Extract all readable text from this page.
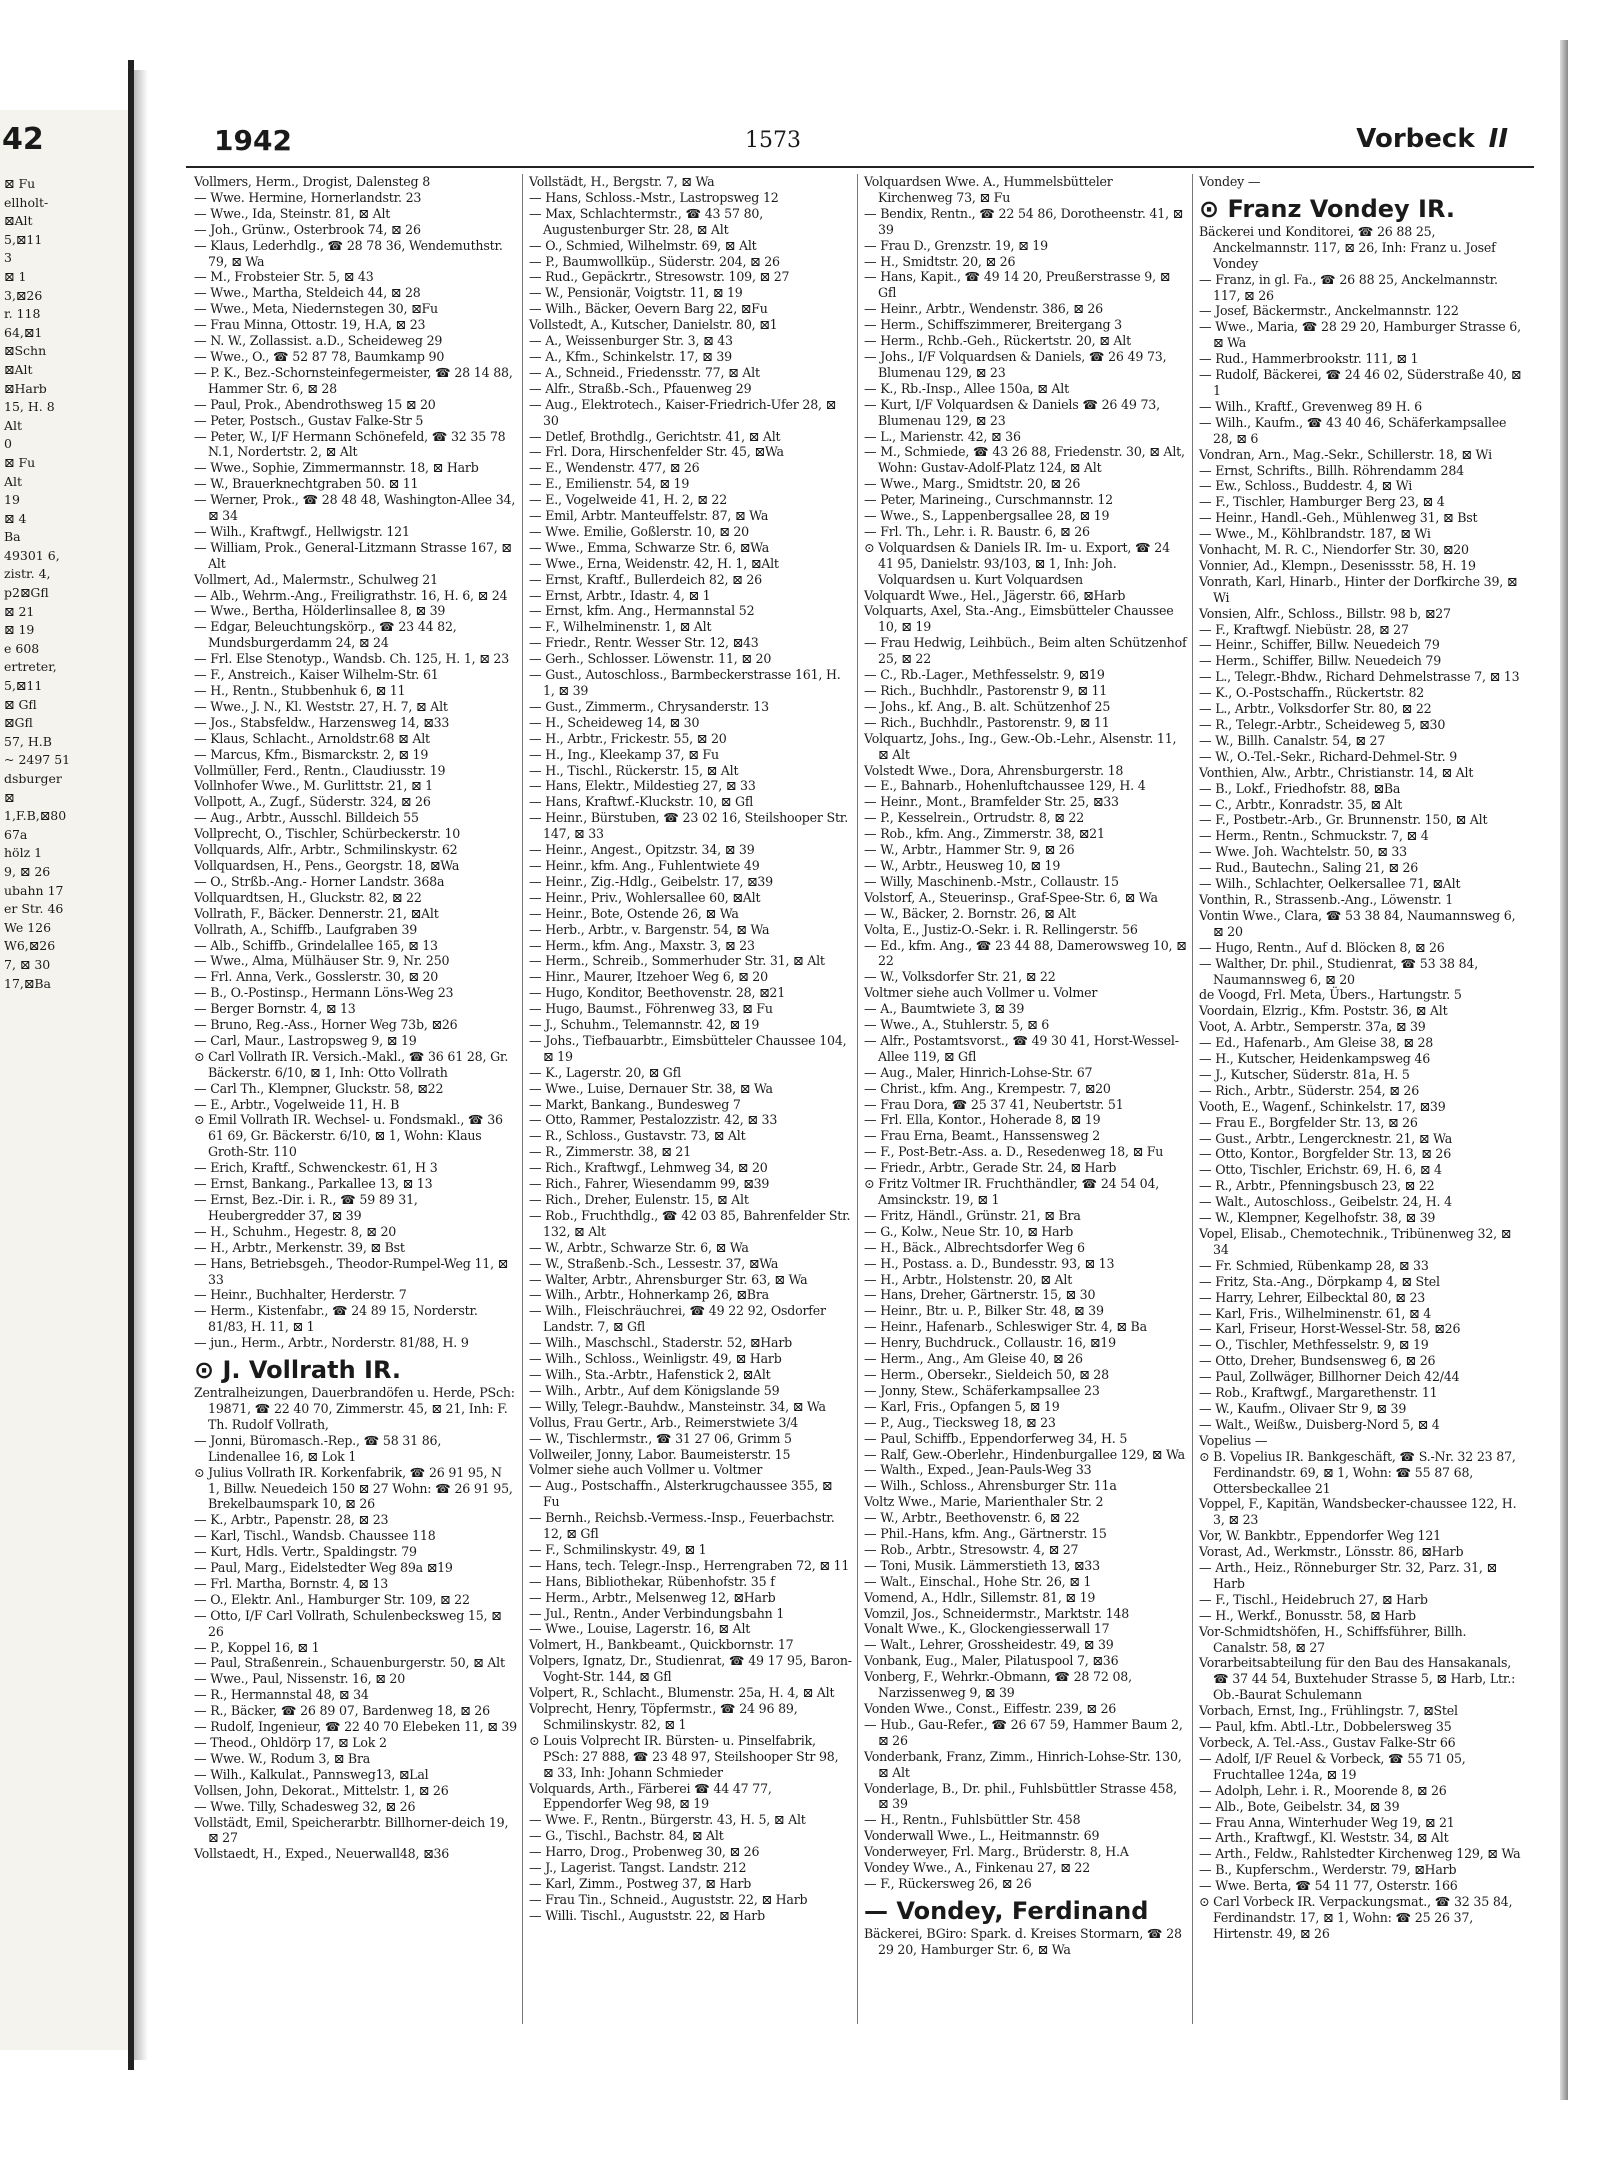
42
⊠ Fu
ellholt-
⊠Alt
5,⊠11
3
⊠ 1
3,⊠26
r. 118
64,⊠1
⊠Schn
⊠Alt
⊠Harb
15, H. 8
Alt
0
⊠ Fu
Alt
19
⊠ 4
Ba
49301 6,
zistr. 4,
p2⊠Gfl
⊠ 21
⊠ 19
e 608
ertreter,
5,⊠11
⊠ Gfl
⊠Gfl
57, H.B
~ 2497 51
dsburger
⊠
1,F.B,⊠80
67a
hölz 1
9, ⊠ 26
ubahn 17
er Str. 46
We 126
W6,⊠26
7, ⊠ 30
17,⊠Ba
1942	1573	Vorbeck II
Vollmers, Herm., Drogist, Dalensteg 8
— Wwe. Hermine, Hornerlandstr. 23
— Wwe., Ida, Steinstr. 81, ⊠ Alt
— Joh., Grünw., Osterbrook 74, ⊠ 26
— Klaus, Lederhdlg., ☎ 28 78 36, Wendemuthstr. 79, ⊠ Wa
— M., Frobsteier Str. 5, ⊠ 43
— Wwe., Martha, Steldeich 44, ⊠ 28
— Wwe., Meta, Niedernstegen 30, ⊠Fu
— Frau Minna, Ottostr. 19, H.A, ⊠ 23
— N. W., Zollassist. a.D., Scheideweg 29
— Wwe., O., ☎ 52 87 78, Baumkamp 90
— P. K., Bez.-Schornsteinfegermeister, ☎ 28 14 88, Hammer Str. 6, ⊠ 28
— Paul, Prok., Abendrothsweg 15 ⊠ 20
— Peter, Postsch., Gustav Falke-Str 5
— Peter, W., I/F Hermann Schönefeld, ☎ 32 35 78 N.1, Nordertstr. 2, ⊠ Alt
— Wwe., Sophie, Zimmermannstr. 18, ⊠ Harb
— W., Brauerknechtgraben 50. ⊠ 11
— Werner, Prok., ☎ 28 48 48, Washington-Allee 34, ⊠ 34
— Wilh., Kraftwgf., Hellwigstr. 121
— William, Prok., General-Litzmann Strasse 167, ⊠ Alt
Vollmert, Ad., Malermstr., Schulweg 21
— Alb., Wehrm.-Ang., Freiligrathstr. 16, H. 6, ⊠ 24
— Wwe., Bertha, Hölderlinsallee 8, ⊠ 39
— Edgar, Beleuchtungskörp., ☎ 23 44 82, Mundsburgerdamm 24, ⊠ 24
— Frl. Else Stenotyp., Wandsb. Ch. 125, H. 1, ⊠ 23
— F., Anstreich., Kaiser Wilhelm-Str. 61
— H., Rentn., Stubbenhuk 6, ⊠ 11
— Wwe., J. N., Kl. Weststr. 27, H. 7, ⊠ Alt
— Jos., Stabsfeldw., Harzensweg 14, ⊠33
— Klaus, Schlacht., Arnoldstr.68 ⊠ Alt
— Marcus, Kfm., Bismarckstr. 2, ⊠ 19
Vollmüller, Ferd., Rentn., Claudiusstr. 19
Vollnhofer Wwe., M. Gurlittstr. 21, ⊠ 1
Vollpott, A., Zugf., Süderstr. 324, ⊠ 26
— Aug., Arbtr., Ausschl. Billdeich 55
Vollprecht, O., Tischler, Schürbeckerstr. 10
Vollquards, Alfr., Arbtr., Schmilinskystr. 62
Vollquardsen, H., Pens., Georgstr. 18, ⊠Wa
— O., Strßb.-Ang.- Horner Landstr. 368a
Vollquardtsen, H., Gluckstr. 82, ⊠ 22
Vollrath, F., Bäcker. Dennerstr. 21, ⊠Alt
Vollrath, A., Schiffb., Laufgraben 39
— Alb., Schiffb., Grindelallee 165, ⊠ 13
— Wwe., Alma, Mülhäuser Str. 9, Nr. 250
— Frl. Anna, Verk., Gosslerstr. 30, ⊠ 20
— B., O.-Postinsp., Hermann Löns-Weg 23
— Berger Bornstr. 4, ⊠ 13
— Bruno, Reg.-Ass., Horner Weg 73b, ⊠26
— Carl, Maur., Lastropsweg 9, ⊠ 19
⊙ Carl Vollrath IR. Versich.-Makl., ☎ 36 61 28, Gr. Bäckerstr. 6/10, ⊠ 1, Inh: Otto Vollrath
— Carl Th., Klempner, Gluckstr. 58, ⊠22
— E., Arbtr., Vogelweide 11, H. B
⊙ Emil Vollrath IR. Wechsel- u. Fondsmakl., ☎ 36 61 69, Gr. Bäckerstr. 6/10, ⊠ 1, Wohn: Klaus Groth-Str. 110
— Erich, Kraftf., Schwenckestr. 61, H 3
— Ernst, Bankang., Parkallee 13, ⊠ 13
— Ernst, Bez.-Dir. i. R., ☎ 59 89 31, Heubergredder 37, ⊠ 39
— H., Schuhm., Hegestr. 8, ⊠ 20
— H., Arbtr., Merkenstr. 39, ⊠ Bst
— Hans, Betriebsgeh., Theodor-Rumpel-Weg 11, ⊠ 33
— Heinr., Buchhalter, Herderstr. 7
— Herm., Kistenfabr., ☎ 24 89 15, Norderstr. 81/83, H. 11, ⊠ 1
— jun., Herm., Arbtr., Norderstr. 81/88, H. 9
⊙ J. Vollrath IR.
Zentralheizungen, Dauerbrandöfen u. Herde, PSch: 19871, ☎ 22 40 70, Zimmerstr. 45, ⊠ 21, Inh: F. Th. Rudolf Vollrath,
— Jonni, Büromasch.-Rep., ☎ 58 31 86, Lindenallee 16, ⊠ Lok 1
⊙ Julius Vollrath IR. Korkenfabrik, ☎ 26 91 95, N 1, Billw. Neuedeich 150 ⊠ 27 Wohn: ☎ 26 91 95, Brekelbaumspark 10, ⊠ 26
— K., Arbtr., Papenstr. 28, ⊠ 23
— Karl, Tischl., Wandsb. Chaussee 118
— Kurt, Hdls. Vertr., Spaldingstr. 79
— Paul, Marg., Eidelstedter Weg 89a ⊠19
— Frl. Martha, Bornstr. 4, ⊠ 13
— O., Elektr. Anl., Hamburger Str. 109, ⊠ 22
— Otto, I/F Carl Vollrath, Schulenbecksweg 15, ⊠ 26
— P., Koppel 16, ⊠ 1
— Paul, Straßenrein., Schauenburgerstr. 50, ⊠ Alt
— Wwe., Paul, Nissenstr. 16, ⊠ 20
— R., Hermannstal 48, ⊠ 34
— R., Bäcker, ☎ 26 89 07, Bardenweg 18, ⊠ 26
— Rudolf, Ingenieur, ☎ 22 40 70 Elebeken 11, ⊠ 39
— Theod., Ohldörp 17, ⊠ Lok 2
— Wwe. W., Rodum 3, ⊠ Bra
— Wilh., Kalkulat., Pannsweg13, ⊠Lal
Vollsen, John, Dekorat., Mittelstr. 1, ⊠ 26
— Wwe. Tilly, Schadesweg 32, ⊠ 26
Vollstädt, Emil, Speicherarbtr. Billhorner-deich 19, ⊠ 27
Vollstaedt, H., Exped., Neuerwall48, ⊠36
Vollstädt, H., Bergstr. 7, ⊠ Wa
— Hans, Schloss.-Mstr., Lastropsweg 12
— Max, Schlachtermstr., ☎ 43 57 80, Augustenburger Str. 28, ⊠ Alt
— O., Schmied, Wilhelmstr. 69, ⊠ Alt
— P., Baumwollküp., Süderstr. 204, ⊠ 26
— Rud., Gepäckrtr., Stresowstr. 109, ⊠ 27
— W., Pensionär, Voigtstr. 11, ⊠ 19
— Wilh., Bäcker, Oevern Barg 22, ⊠Fu
Vollstedt, A., Kutscher, Danielstr. 80, ⊠1
— A., Weissenburger Str. 3, ⊠ 43
— A., Kfm., Schinkelstr. 17, ⊠ 39
— A., Schneid., Friedensstr. 77, ⊠ Alt
— Alfr., Straßb.-Sch., Pfauenweg 29
— Aug., Elektrotech., Kaiser-Friedrich-Ufer 28, ⊠ 30
— Detlef, Brothdlg., Gerichtstr. 41, ⊠ Alt
— Frl. Dora, Hirschenfelder Str. 45, ⊠Wa
— E., Wendenstr. 477, ⊠ 26
— E., Emilienstr. 54, ⊠ 19
— E., Vogelweide 41, H. 2, ⊠ 22
— Emil, Arbtr. Manteuffelstr. 87, ⊠ Wa
— Wwe. Emilie, Goßlerstr. 10, ⊠ 20
— Wwe., Emma, Schwarze Str. 6, ⊠Wa
— Wwe., Erna, Weidenstr. 42, H. 1, ⊠Alt
— Ernst, Kraftf., Bullerdeich 82, ⊠ 26
— Ernst, Arbtr., Idastr. 4, ⊠ 1
— Ernst, kfm. Ang., Hermannstal 52
— F., Wilhelminenstr. 1, ⊠ Alt
— Friedr., Rentr. Wesser Str. 12, ⊠43
— Gerh., Schlosser. Löwenstr. 11, ⊠ 20
— Gust., Autoschloss., Barmbeckerstrasse 161, H. 1, ⊠ 39
— Gust., Zimmerm., Chrysanderstr. 13
— H., Scheideweg 14, ⊠ 30
— H., Arbtr., Frickestr. 55, ⊠ 20
— H., Ing., Kleekamp 37, ⊠ Fu
— H., Tischl., Rückerstr. 15, ⊠ Alt
— Hans, Elektr., Mildestieg 27, ⊠ 33
— Hans, Kraftwf.-Kluckstr. 10, ⊠ Gfl
— Heinr., Bürstuben, ☎ 23 02 16, Steilshooper Str. 147, ⊠ 33
— Heinr., Angest., Opitzstr. 34, ⊠ 39
— Heinr., kfm. Ang., Fuhlentwiete 49
— Heinr., Zig.-Hdlg., Geibelstr. 17, ⊠39
— Heinr., Priv., Wohlersallee 60, ⊠Alt
— Heinr., Bote, Ostende 26, ⊠ Wa
— Herb., Arbtr., v. Bargenstr. 54, ⊠ Wa
— Herm., kfm. Ang., Maxstr. 3, ⊠ 23
— Herm., Schreib., Sommerhuder Str. 31, ⊠ Alt
— Hinr., Maurer, Itzehoer Weg 6, ⊠ 20
— Hugo, Konditor, Beethovenstr. 28, ⊠21
— Hugo, Baumst., Föhrenweg 33, ⊠ Fu
— J., Schuhm., Telemannstr. 42, ⊠ 19
— Johs., Tiefbauarbtr., Eimsbütteler Chaussee 104, ⊠ 19
— K., Lagerstr. 20, ⊠ Gfl
— Wwe., Luise, Dernauer Str. 38, ⊠ Wa
— Markt, Bankang., Bundesweg 7
— Otto, Rammer, Pestalozzistr. 42, ⊠ 33
— R., Schloss., Gustavstr. 73, ⊠ Alt
— R., Zimmerstr. 38, ⊠ 21
— Rich., Kraftwgf., Lehmweg 34, ⊠ 20
— Rich., Fahrer, Wiesendamm 99, ⊠39
— Rich., Dreher, Eulenstr. 15, ⊠ Alt
— Rob., Fruchthdlg., ☎ 42 03 85, Bahrenfelder Str. 132, ⊠ Alt
— W., Arbtr., Schwarze Str. 6, ⊠ Wa
— W., Straßenb.-Sch., Lessestr. 37, ⊠Wa
— Walter, Arbtr., Ahrensburger Str. 63, ⊠ Wa
— Wilh., Arbtr., Hohnerkamp 26, ⊠Bra
— Wilh., Fleischräuchrei, ☎ 49 22 92, Osdorfer Landstr. 7, ⊠ Gfl
— Wilh., Maschschl., Staderstr. 52, ⊠Harb
— Wilh., Schloss., Weinligstr. 49, ⊠ Harb
— Wilh., Sta.-Arbtr., Hafenstick 2, ⊠Alt
— Wilh., Arbtr., Auf dem Königslande 59
— Willy, Telegr.-Bauhdw., Mansteinstr. 34, ⊠ Wa
Vollus, Frau Gertr., Arb., Reimerstwiete 3/4
— W., Tischlermstr., ☎ 31 27 06, Grimm 5
Vollweiler, Jonny, Labor. Baumeisterstr. 15
Volmer siehe auch Vollmer u. Voltmer
— Aug., Postschaffn., Alsterkrugchaussee 355, ⊠ Fu
— Bernh., Reichsb.-Vermess.-Insp., Feuerbachstr. 12, ⊠ Gfl
— F., Schmilinskystr. 49, ⊠ 1
— Hans, tech. Telegr.-Insp., Herrengraben 72, ⊠ 11
— Hans, Bibliothekar, Rübenhofstr. 35 f
— Herm., Arbtr., Melsenweg 12, ⊠Harb
— Jul., Rentn., Ander Verbindungsbahn 1
— Wwe., Louise, Lagerstr. 16, ⊠ Alt
Volmert, H., Bankbeamt., Quickbornstr. 17
Volpers, Ignatz, Dr., Studienrat, ☎ 49 17 95, Baron-Voght-Str. 144, ⊠ Gfl
Volpert, R., Schlacht., Blumenstr. 25a, H. 4, ⊠ Alt
Volprecht, Henry, Töpfermstr., ☎ 24 96 89, Schmilinskystr. 82, ⊠ 1
⊙ Louis Volprecht IR. Bürsten- u. Pinselfabrik, PSch: 27 888, ☎ 23 48 97, Steilshooper Str 98, ⊠ 33, Inh: Johann Schmieder
Volquards, Arth., Färberei ☎ 44 47 77, Eppendorfer Weg 98, ⊠ 19
— Wwe. F., Rentn., Bürgerstr. 43, H. 5, ⊠ Alt
— G., Tischl., Bachstr. 84, ⊠ Alt
— Harro, Drog., Probenweg 30, ⊠ 26
— J., Lagerist. Tangst. Landstr. 212
— Karl, Zimm., Postweg 37, ⊠ Harb
— Frau Tin., Schneid., Auguststr. 22, ⊠ Harb
— Willi. Tischl., Auguststr. 22, ⊠ Harb
Volquardsen Wwe. A., Hummelsbütteler Kirchenweg 73, ⊠ Fu
— Bendix, Rentn., ☎ 22 54 86, Dorotheenstr. 41, ⊠ 39
— Frau D., Grenzstr. 19, ⊠ 19
— H., Smidtstr. 20, ⊠ 26
— Hans, Kapit., ☎ 49 14 20, Preußerstrasse 9, ⊠ Gfl
— Heinr., Arbtr., Wendenstr. 386, ⊠ 26
— Herm., Schiffszimmerer, Breitergang 3
— Herm., Rchb.-Geh., Rückertstr. 20, ⊠ Alt
— Johs., I/F Volquardsen & Daniels, ☎ 26 49 73, Blumenau 129, ⊠ 23
— K., Rb.-Insp., Allee 150a, ⊠ Alt
— Kurt, I/F Volquardsen & Daniels ☎ 26 49 73, Blumenau 129, ⊠ 23
— L., Marienstr. 42, ⊠ 36
— M., Schmiede, ☎ 43 26 88, Friedenstr. 30, ⊠ Alt, Wohn: Gustav-Adolf-Platz 124, ⊠ Alt
— Wwe., Marg., Smidtstr. 20, ⊠ 26
— Peter, Marineing., Curschmannstr. 12
— Wwe., S., Lappenbergsallee 28, ⊠ 19
— Frl. Th., Lehr. i. R. Baustr. 6, ⊠ 26
⊙ Volquardsen & Daniels IR. Im- u. Export, ☎ 24 41 95, Danielstr. 93/103, ⊠ 1, Inh: Joh. Volquardsen u. Kurt Volquardsen
Volquardt Wwe., Hel., Jägerstr. 66, ⊠Harb
Volquarts, Axel, Sta.-Ang., Eimsbütteler Chaussee 10, ⊠ 19
— Frau Hedwig, Leihbüch., Beim alten Schützenhof 25, ⊠ 22
— C., Rb.-Lager., Methfesselstr. 9, ⊠19
— Rich., Buchhdlr., Pastorenstr 9, ⊠ 11
— Johs., kf. Ang., B. alt. Schützenhof 25
— Rich., Buchhdlr., Pastorenstr. 9, ⊠ 11
Volquartz, Johs., Ing., Gew.-Ob.-Lehr., Alsenstr. 11, ⊠ Alt
Volstedt Wwe., Dora, Ahrensburgerstr. 18
— E., Bahnarb., Hohenluftchaussee 129, H. 4
— Heinr., Mont., Bramfelder Str. 25, ⊠33
— P., Kesselrein., Ortrudstr. 8, ⊠ 22
— Rob., kfm. Ang., Zimmerstr. 38, ⊠21
— W., Arbtr., Hammer Str. 9, ⊠ 26
— W., Arbtr., Heusweg 10, ⊠ 19
— Willy, Maschinenb.-Mstr., Collaustr. 15
Volstorf, A., Steuerinsp., Graf-Spee-Str. 6, ⊠ Wa
— W., Bäcker, 2. Bornstr. 26, ⊠ Alt
Volta, E., Justiz-O.-Sekr. i. R. Rellingerstr. 56
— Ed., kfm. Ang., ☎ 23 44 88, Damerowsweg 10, ⊠ 22
— W., Volksdorfer Str. 21, ⊠ 22
Voltmer siehe auch Vollmer u. Volmer
— A., Baumtwiete 3, ⊠ 39
— Wwe., A., Stuhlerstr. 5, ⊠ 6
— Alfr., Postamtsvorst., ☎ 49 30 41, Horst-Wessel-Allee 119, ⊠ Gfl
— Aug., Maler, Hinrich-Lohse-Str. 67
— Christ., kfm. Ang., Krempestr. 7, ⊠20
— Frau Dora, ☎ 25 37 41, Neubertstr. 51
— Frl. Ella, Kontor., Hoherade 8, ⊠ 19
— Frau Erna, Beamt., Hanssensweg 2
— F., Post-Betr.-Ass. a. D., Resedenweg 18, ⊠ Fu
— Friedr., Arbtr., Gerade Str. 24, ⊠ Harb
⊙ Fritz Voltmer IR. Fruchthändler, ☎ 24 54 04, Amsinckstr. 19, ⊠ 1
— Fritz, Händl., Grünstr. 21, ⊠ Bra
— G., Kolw., Neue Str. 10, ⊠ Harb
— H., Bäck., Albrechtsdorfer Weg 6
— H., Postass. a. D., Bundesstr. 93, ⊠ 13
— H., Arbtr., Holstenstr. 20, ⊠ Alt
— Hans, Dreher, Gärtnerstr. 15, ⊠ 30
— Heinr., Btr. u. P., Bilker Str. 48, ⊠ 39
— Heinr., Hafenarb., Schleswiger Str. 4, ⊠ Ba
— Henry, Buchdruck., Collaustr. 16, ⊠19
— Herm., Ang., Am Gleise 40, ⊠ 26
— Herm., Obersekr., Sieldeich 50, ⊠ 28
— Jonny, Stew., Schäferkampsallee 23
— Karl, Fris., Opfangen 5, ⊠ 19
— P., Aug., Tiecksweg 18, ⊠ 23
— Paul, Schiffb., Eppendorferweg 34, H. 5
— Ralf, Gew.-Oberlehr., Hindenburgallee 129, ⊠ Wa
— Walth., Exped., Jean-Pauls-Weg 33
— Wilh., Schloss., Ahrensburger Str. 11a
Voltz Wwe., Marie, Marienthaler Str. 2
— W., Arbtr., Beethovenstr. 6, ⊠ 22
— Phil.-Hans, kfm. Ang., Gärtnerstr. 15
— Rob., Arbtr., Stresowstr. 4, ⊠ 27
— Toni, Musik. Lämmerstieth 13, ⊠33
— Walt., Einschal., Hohe Str. 26, ⊠ 1
Vomend, A., Hdlr., Sillemstr. 81, ⊠ 19
Vomzil, Jos., Schneidermstr., Marktstr. 148
Vonalt Wwe., K., Glockengiesserwall 17
— Walt., Lehrer, Grossheidestr. 49, ⊠ 39
Vonbank, Eug., Maler, Pilatuspool 7, ⊠36
Vonberg, F., Wehrkr.-Obmann, ☎ 28 72 08, Narzissenweg 9, ⊠ 39
Vonden Wwe., Const., Eiffestr. 239, ⊠ 26
— Hub., Gau-Refer., ☎ 26 67 59, Hammer Baum 2, ⊠ 26
Vonderbank, Franz, Zimm., Hinrich-Lohse-Str. 130, ⊠ Alt
Vonderlage, B., Dr. phil., Fuhlsbüttler Strasse 458, ⊠ 39
— H., Rentn., Fuhlsbüttler Str. 458
Vonderwall Wwe., L., Heitmannstr. 69
Vonderweyer, Frl. Marg., Brüderstr. 8, H.A
Vondey Wwe., A., Finkenau 27, ⊠ 22
— F., Rückersweg 26, ⊠ 26
— Vondey, Ferdinand
Bäckerei, BGiro: Spark. d. Kreises Stormarn, ☎ 28 29 20, Hamburger Str. 6, ⊠ Wa
Vondey —
⊙ Franz Vondey IR.
Bäckerei und Konditorei, ☎ 26 88 25, Anckelmannstr. 117, ⊠ 26, Inh: Franz u. Josef Vondey
— Franz, in gl. Fa., ☎ 26 88 25, Anckelmannstr. 117, ⊠ 26
— Josef, Bäckermstr., Anckelmannstr. 122
— Wwe., Maria, ☎ 28 29 20, Hamburger Strasse 6, ⊠ Wa
— Rud., Hammerbrookstr. 111, ⊠ 1
— Rudolf, Bäckerei, ☎ 24 46 02, Süderstraße 40, ⊠ 1
— Wilh., Kraftf., Grevenweg 89 H. 6
— Wilh., Kaufm., ☎ 43 40 46, Schäferkampsallee 28, ⊠ 6
Vondran, Arn., Mag.-Sekr., Schillerstr. 18, ⊠ Wi
— Ernst, Schrifts., Billh. Röhrendamm 284
— Ew., Schloss., Buddestr. 4, ⊠ Wi
— F., Tischler, Hamburger Berg 23, ⊠ 4
— Heinr., Handl.-Geh., Mühlenweg 31, ⊠ Bst
— Wwe., M., Köhlbrandstr. 187, ⊠ Wi
Vonhacht, M. R. C., Niendorfer Str. 30, ⊠20
Vonnier, Ad., Klempn., Desenissstr. 58, H. 19
Vonrath, Karl, Hinarb., Hinter der Dorfkirche 39, ⊠ Wi
Vonsien, Alfr., Schloss., Billstr. 98 b, ⊠27
— F., Kraftwgf. Niebüstr. 28, ⊠ 27
— Heinr., Schiffer, Billw. Neuedeich 79
— Herm., Schiffer, Billw. Neuedeich 79
— L., Telegr.-Bhdw., Richard Dehmelstrasse 7, ⊠ 13
— K., O.-Postschaffn., Rückertstr. 82
— L., Arbtr., Volksdorfer Str. 80, ⊠ 22
— R., Telegr.-Arbtr., Scheideweg 5, ⊠30
— W., Billh. Canalstr. 54, ⊠ 27
— W., O.-Tel.-Sekr., Richard-Dehmel-Str. 9
Vonthien, Alw., Arbtr., Christianstr. 14, ⊠ Alt
— B., Lokf., Friedhofstr. 88, ⊠Ba
— C., Arbtr., Konradstr. 35, ⊠ Alt
— F., Postbetr.-Arb., Gr. Brunnenstr. 150, ⊠ Alt
— Herm., Rentn., Schmuckstr. 7, ⊠ 4
— Wwe. Joh. Wachtelstr. 50, ⊠ 33
— Rud., Bautechn., Saling 21, ⊠ 26
— Wilh., Schlachter, Oelkersallee 71, ⊠Alt
Vonthin, R., Strassenb.-Ang., Löwenstr. 1
Vontin Wwe., Clara, ☎ 53 38 84, Naumannsweg 6, ⊠ 20
— Hugo, Rentn., Auf d. Blöcken 8, ⊠ 26
— Walther, Dr. phil., Studienrat, ☎ 53 38 84, Naumannsweg 6, ⊠ 20
de Voogd, Frl. Meta, Übers., Hartungstr. 5
Voordain, Elzrig., Kfm. Poststr. 36, ⊠ Alt
Voot, A. Arbtr., Semperstr. 37a, ⊠ 39
— Ed., Hafenarb., Am Gleise 38, ⊠ 28
— H., Kutscher, Heidenkampsweg 46
— J., Kutscher, Süderstr. 81a, H. 5
— Rich., Arbtr., Süderstr. 254, ⊠ 26
Vooth, E., Wagenf., Schinkelstr. 17, ⊠39
— Frau E., Borgfelder Str. 13, ⊠ 26
— Gust., Arbtr., Lengercknestr. 21, ⊠ Wa
— Otto, Kontor., Borgfelder Str. 13, ⊠ 26
— Otto, Tischler, Erichstr. 69, H. 6, ⊠ 4
— R., Arbtr., Pfenningsbusch 23, ⊠ 22
— Walt., Autoschloss., Geibelstr. 24, H. 4
— W., Klempner, Kegelhofstr. 38, ⊠ 39
Vopel, Elisab., Chemotechnik., Tribünenweg 32, ⊠ 34
— Fr. Schmied, Rübenkamp 28, ⊠ 33
— Fritz, Sta.-Ang., Dörpkamp 4, ⊠ Stel
— Harry, Lehrer, Eilbecktal 80, ⊠ 23
— Karl, Fris., Wilhelminenstr. 61, ⊠ 4
— Karl, Friseur, Horst-Wessel-Str. 58, ⊠26
— O., Tischler, Methfesselstr. 9, ⊠ 19
— Otto, Dreher, Bundsensweg 6, ⊠ 26
— Paul, Zollwäger, Billhorner Deich 42/44
— Rob., Kraftwgf., Margarethenstr. 11
— W., Kaufm., Olivaer Str 9, ⊠ 39
— Walt., Weißw., Duisberg-Nord 5, ⊠ 4
Vopelius —
⊙ B. Vopelius IR. Bankgeschäft, ☎ S.-Nr. 32 23 87, Ferdinandstr. 69, ⊠ 1, Wohn: ☎ 55 87 68, Ottersbeckallee 21
Voppel, F., Kapitän, Wandsbecker-chaussee 122, H. 3, ⊠ 23
Vor, W. Bankbtr., Eppendorfer Weg 121
Vorast, Ad., Werkmstr., Lönsstr. 86, ⊠Harb
— Arth., Heiz., Rönneburger Str. 32, Parz. 31, ⊠ Harb
— F., Tischl., Heidebruch 27, ⊠ Harb
— H., Werkf., Bonusstr. 58, ⊠ Harb
Vor-Schmidtshöfen, H., Schiffsführer, Billh. Canalstr. 58, ⊠ 27
Vorarbeitsabteilung für den Bau des Hansakanals, ☎ 37 44 54, Buxtehuder Strasse 5, ⊠ Harb, Ltr.: Ob.-Baurat Schulemann
Vorbach, Ernst, Ing., Frühlingstr. 7, ⊠Stel
— Paul, kfm. Abtl.-Ltr., Dobbelersweg 35
Vorbeck, A. Tel.-Ass., Gustav Falke-Str 66
— Adolf, I/F Reuel & Vorbeck, ☎ 55 71 05, Fruchtallee 124a, ⊠ 19
— Adolph, Lehr. i. R., Moorende 8, ⊠ 26
— Alb., Bote, Geibelstr. 34, ⊠ 39
— Frau Anna, Winterhuder Weg 19, ⊠ 21
— Arth., Kraftwgf., Kl. Weststr. 34, ⊠ Alt
— Arth., Feldw., Rahlstedter Kirchenweg 129, ⊠ Wa
— B., Kupferschm., Werderstr. 79, ⊠Harb
— Wwe. Berta, ☎ 54 11 77, Osterstr. 166
⊙ Carl Vorbeck IR. Verpackungsmat., ☎ 32 35 84, Ferdinandstr. 17, ⊠ 1, Wohn: ☎ 25 26 37, Hirtenstr. 49, ⊠ 26
